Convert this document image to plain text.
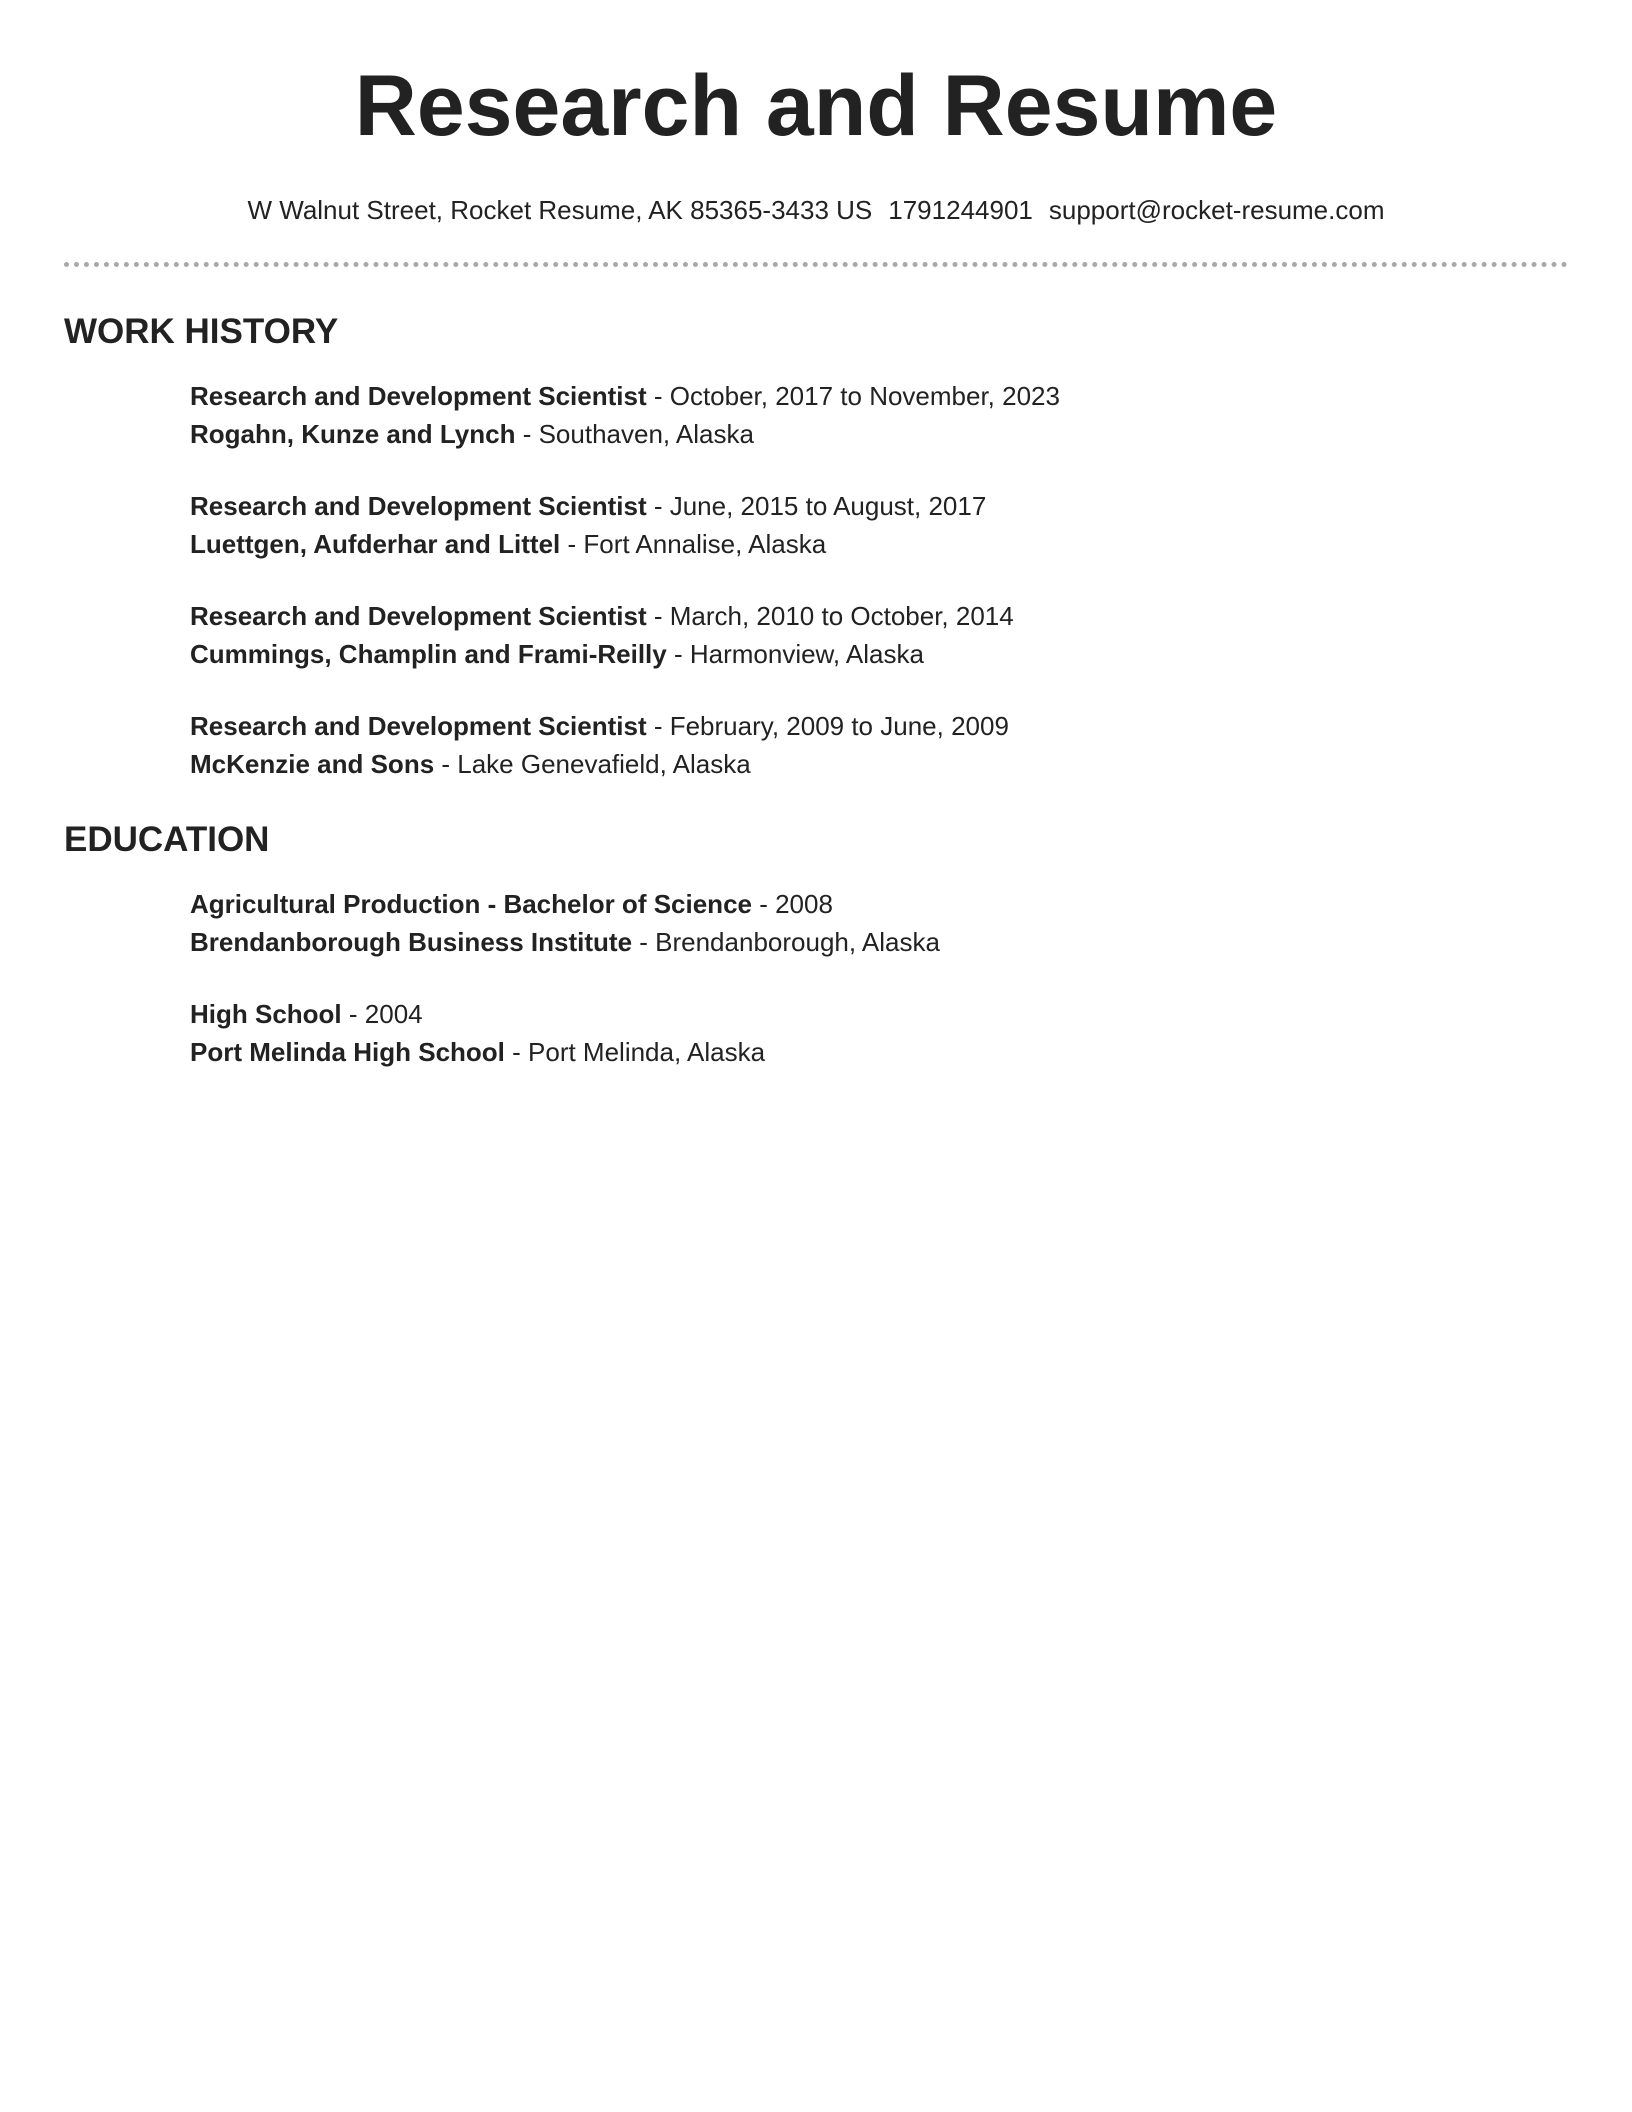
Research and Resume
W Walnut Street, Rocket Resume, AK 85365-3433 US 1791244901 support@rocket-resume.com
WORK HISTORY
Research and Development Scientist - October, 2017 to November, 2023
Rogahn, Kunze and Lynch - Southaven, Alaska
Research and Development Scientist - June, 2015 to August, 2017
Luettgen, Aufderhar and Littel - Fort Annalise, Alaska
Research and Development Scientist - March, 2010 to October, 2014
Cummings, Champlin and Frami-Reilly - Harmonview, Alaska
Research and Development Scientist - February, 2009 to June, 2009
McKenzie and Sons - Lake Genevafield, Alaska
EDUCATION
Agricultural Production - Bachelor of Science - 2008
Brendanborough Business Institute - Brendanborough, Alaska
High School - 2004
Port Melinda High School - Port Melinda, Alaska
